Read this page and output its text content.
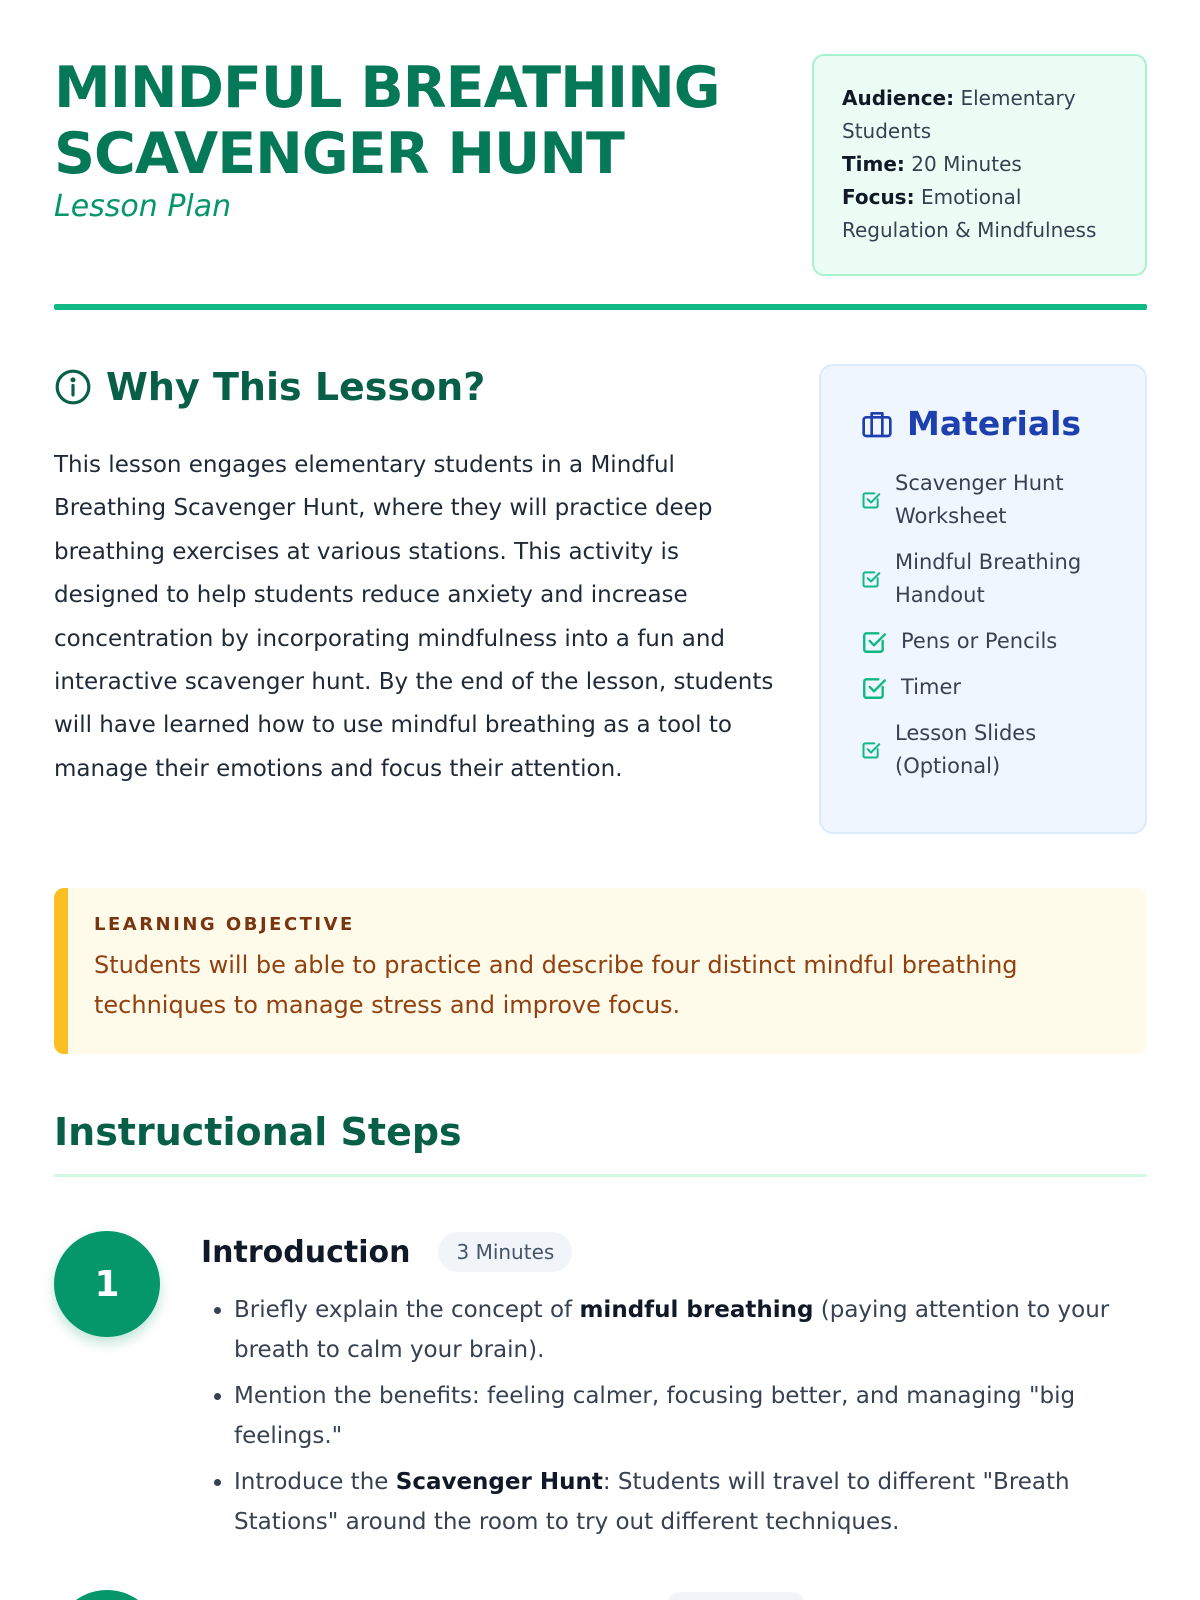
MINDFUL BREATHING
SCAVENGER HUNT
Lesson Plan
Audience: Elementary Students
Time: 20 Minutes
Focus: Emotional Regulation & Mindfulness
Why This Lesson?

This lesson engages elementary students in a Mindful Breathing Scavenger Hunt, where they will practice deep breathing exercises at various stations. This activity is designed to help students reduce anxiety and increase concentration by incorporating mindfulness into a fun and interactive scavenger hunt. By the end of the lesson, students will have learned how to use mindful breathing as a tool to manage their emotions and focus their attention.

Materials
Scavenger Hunt Worksheet
Mindful Breathing Handout
Pens or Pencils
Timer
Lesson Slides (Optional)
LEARNING OBJECTIVE
Students will be able to practice and describe four distinct mindful breathing techniques to manage stress and improve focus.
Instructional Steps
1
Introduction	3 Minutes
• Briefly explain the concept of mindful breathing (paying attention to your breath to calm your brain).
• Mention the benefits: feeling calmer, focusing better, and managing "big feelings."
• Introduce the Scavenger Hunt: Students will travel to different "Breath Stations" around the room to try out different techniques.
